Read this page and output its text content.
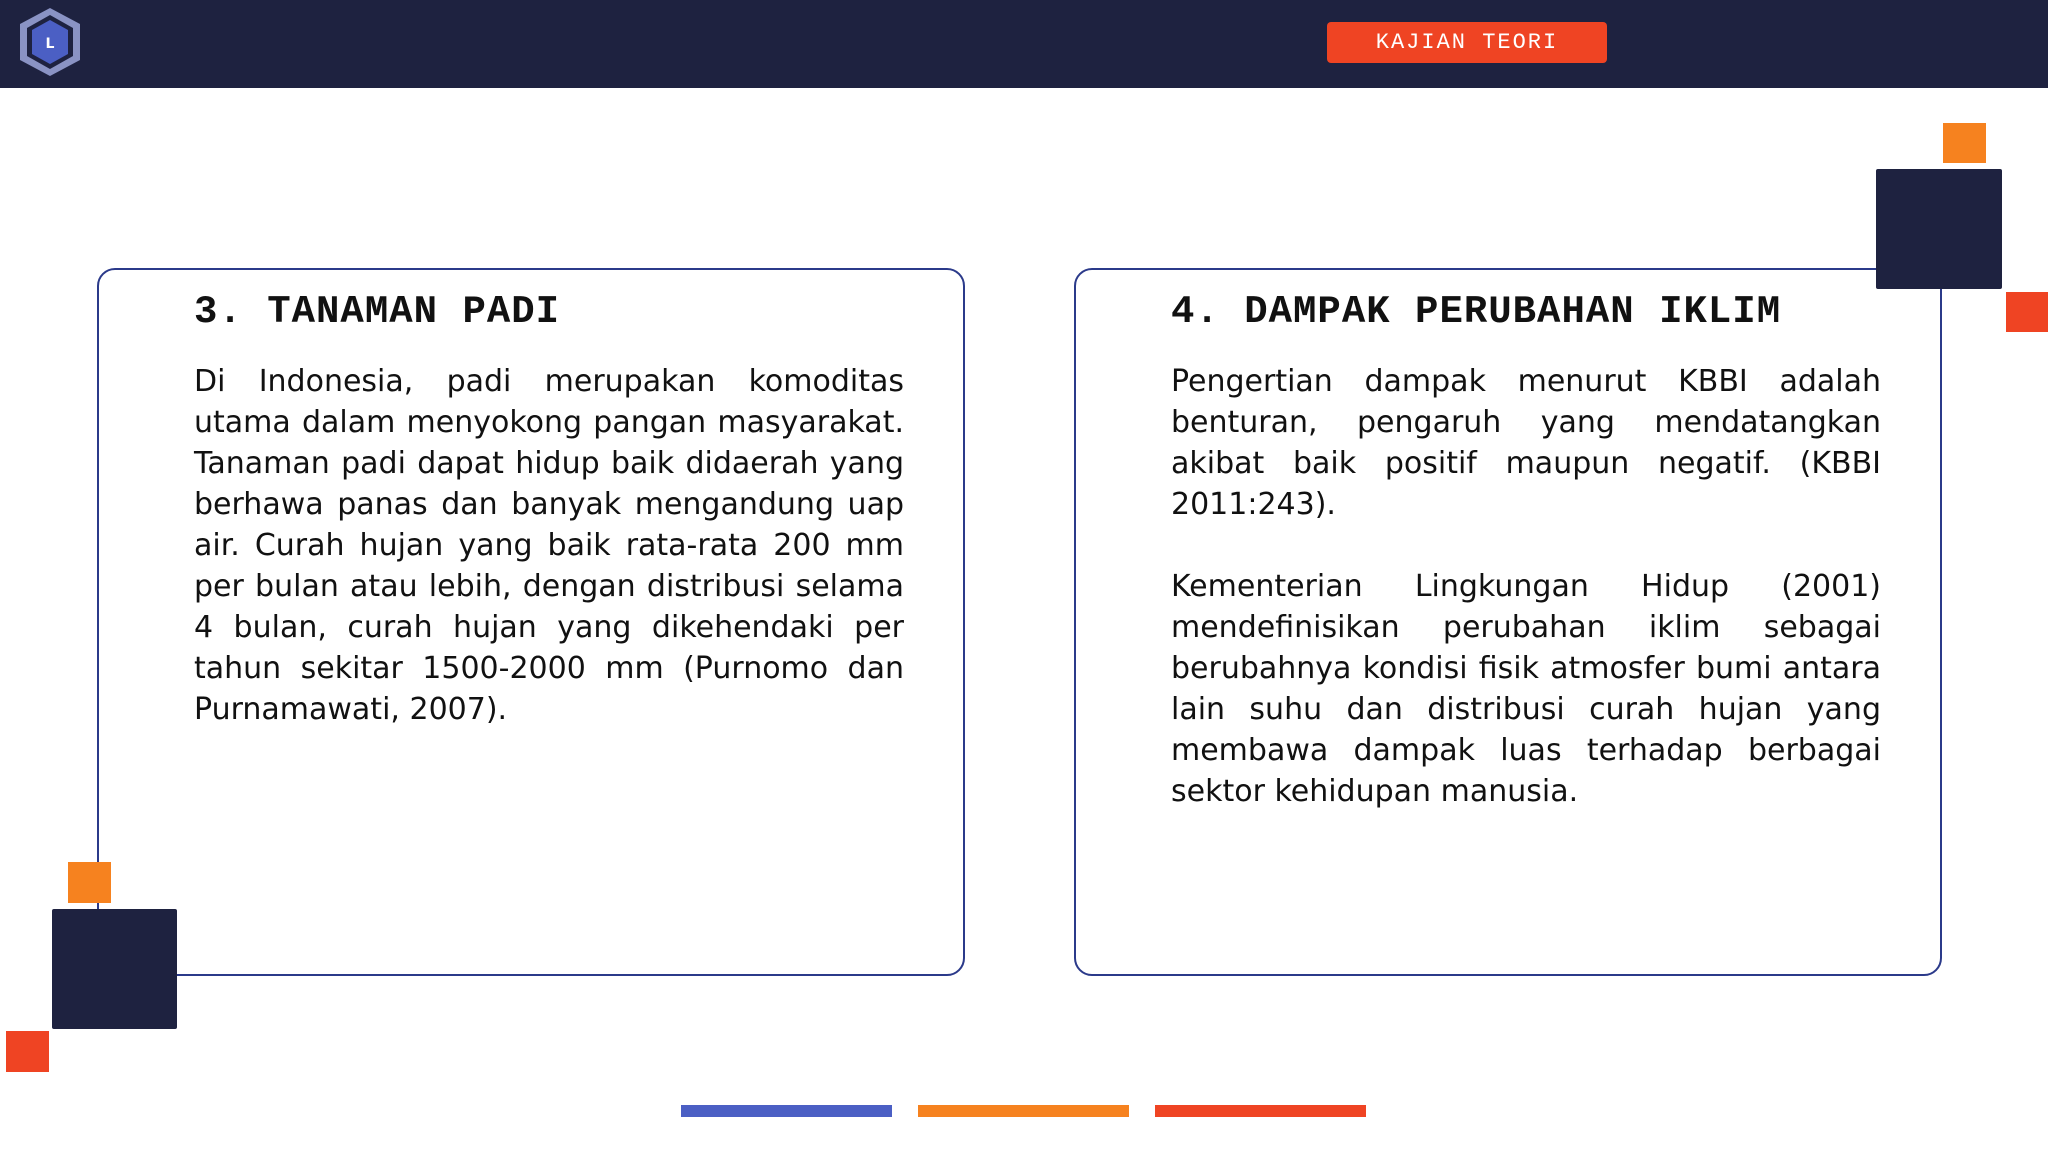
L	KAJIAN TEORI
3. TANAMAN PADI

Di Indonesia, padi merupakan komoditas utama dalam menyokong pangan masyarakat. Tanaman padi dapat hidup baik didaerah yang berhawa panas dan banyak mengandung uap air. Curah hujan yang baik rata-rata 200 mm per bulan atau lebih, dengan distribusi selama 4 bulan, curah hujan yang dikehendaki per tahun sekitar 1500-2000 mm (Purnomo dan Purnamawati, 2007).

4. DAMPAK PERUBAHAN IKLIM

Pengertian dampak menurut KBBI adalah benturan, pengaruh yang mendatangkan akibat baik positif maupun negatif. (KBBI 2011:243).

Kementerian Lingkungan Hidup (2001) mendefinisikan perubahan iklim sebagai berubahnya kondisi fisik atmosfer bumi antara lain suhu dan distribusi curah hujan yang membawa dampak luas terhadap berbagai sektor kehidupan manusia.
